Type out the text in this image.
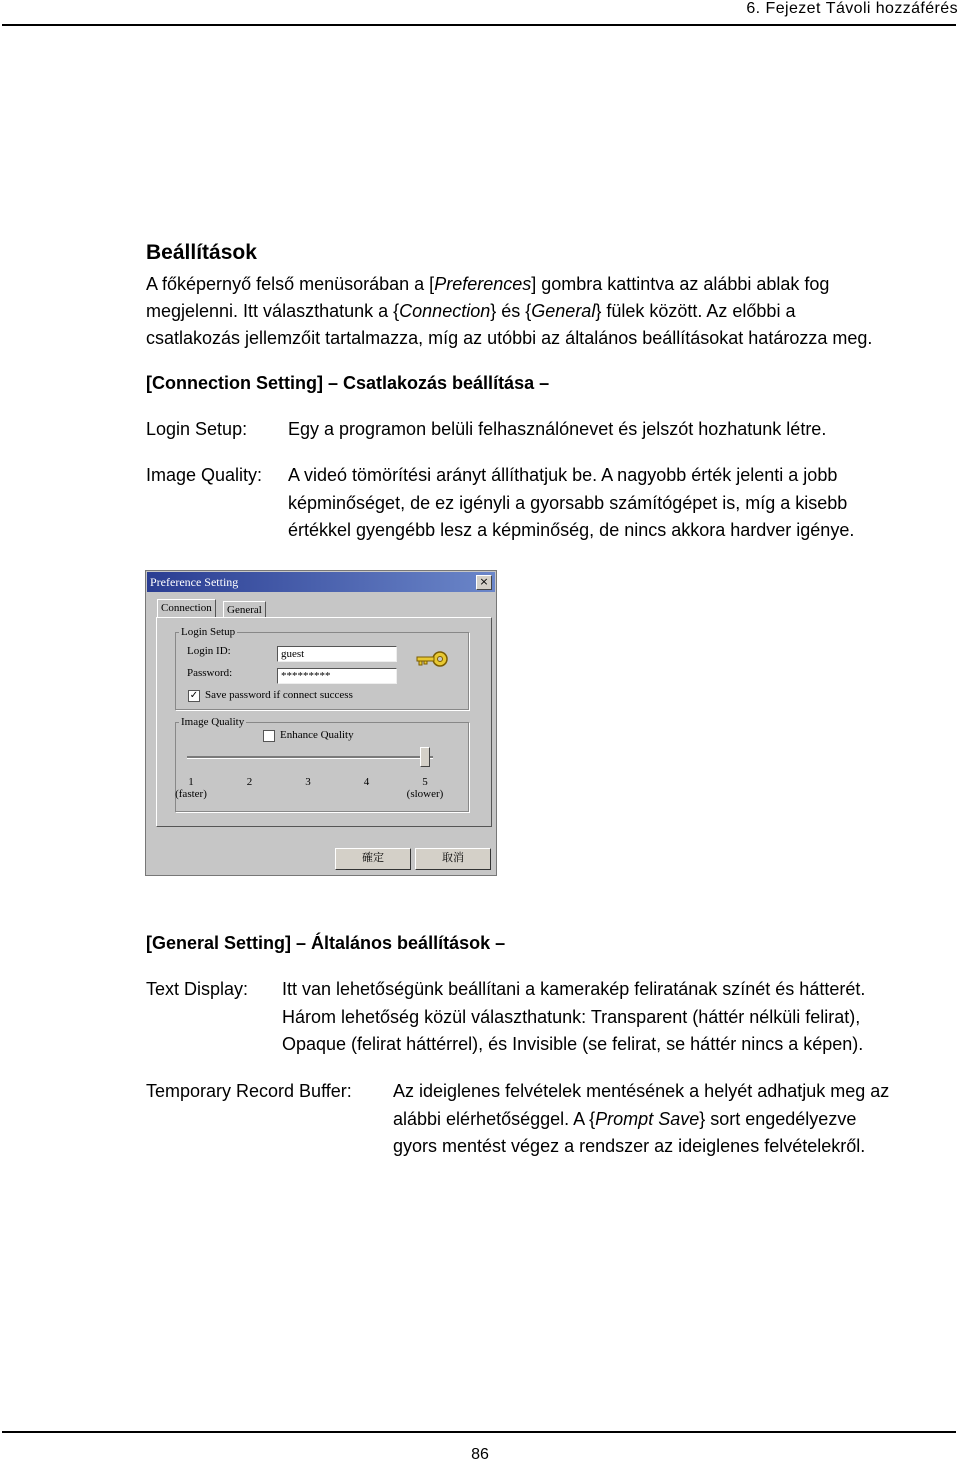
6. Fejezet Távoli hozzáférés
Beállítások
A főképernyő felső menüsorában a [Preferences] gombra kattintva az alábbi ablak fog
megjelenni. Itt választhatunk a {Connection} és {General} fülek között. Az előbbi a
csatlakozás jellemzőit tartalmazza, míg az utóbbi az általános beállításokat határozza meg.
[Connection Setting] – Csatlakozás beállítása –
Login Setup: Egy a programon belüli felhasználónevet és jelszót hozhatunk létre.
Image Quality: A videó tömörítési arányt állíthatjuk be. A nagyobb érték jelenti a jobb
képminőséget, de ez igényli a gyorsabb számítógépet is, míg a kisebb
értékkel gyengébb lesz a képminőség, de nincs akkora hardver igénye.
Preference Setting	×
Connection	General
Login Setup
Login ID:	guest
Password:	*********
✓ Save password if connect success
Image Quality
Enhance Quality
1
(faster)
2	3	4	5
(slower)
確定	取消
[General Setting] – Általános beállítások –
Text Display: Itt van lehetőségünk beállítani a kamerakép feliratának színét és hátterét.
Három lehetőség közül választhatunk: Transparent (háttér nélküli felirat),
Opaque (felirat háttérrel), és Invisible (se felirat, se háttér nincs a képen).
Temporary Record Buffer: Az ideiglenes felvételek mentésének a helyét adhatjuk meg az
alábbi elérhetőséggel. A {Prompt Save} sort engedélyezve
gyors mentést végez a rendszer az ideiglenes felvételekről.
86
